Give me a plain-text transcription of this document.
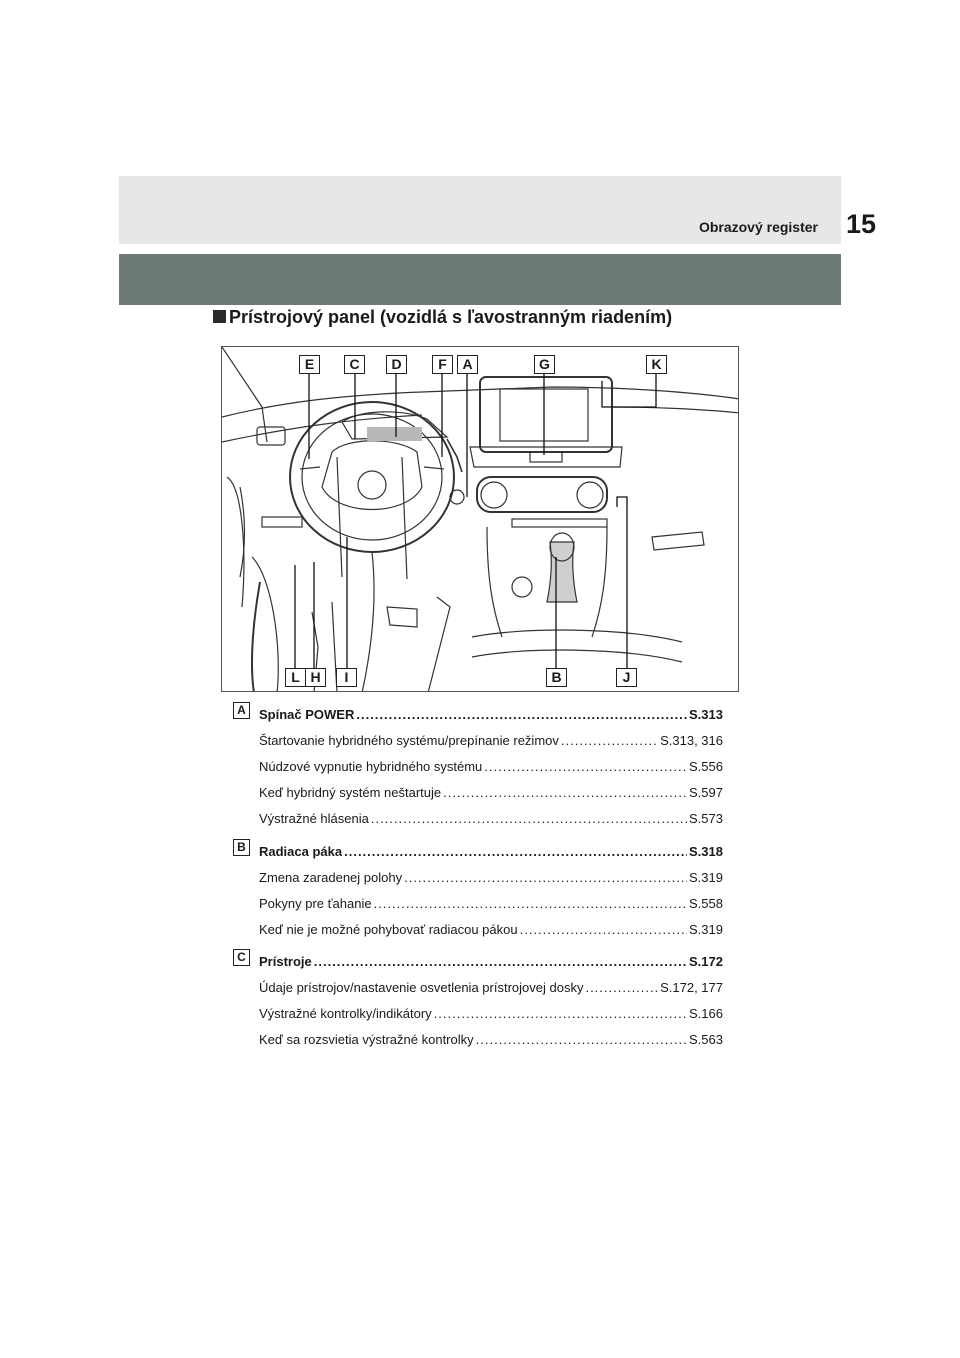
Obrazový register 15
Prístrojový panel (vozidlá s ľavostranným riadením)
E	C	D	F	A	G	K
L H	I	B	J
A	Spínač POWER .....	S.313
Štartovanie hybridného systému/prepínanie režimov .....	S.313, 316
Núdzové vypnutie hybridného systému .....	S.556
Keď hybridný systém neštartuje .....	S.597
Výstražné hlásenia .....	S.573
B	Radiaca páka .....	S.318
Zmena zaradenej polohy .....	S.319
Pokyny pre ťahanie .....	S.558
Keď nie je možné pohybovať radiacou pákou .....	S.319
C	Prístroje .....	S.172
Údaje prístrojov/nastavenie osvetlenia prístrojovej dosky .....	S.172, 177
Výstražné kontrolky/indikátory .....	S.166
Keď sa rozsvietia výstražné kontrolky .....	S.563
